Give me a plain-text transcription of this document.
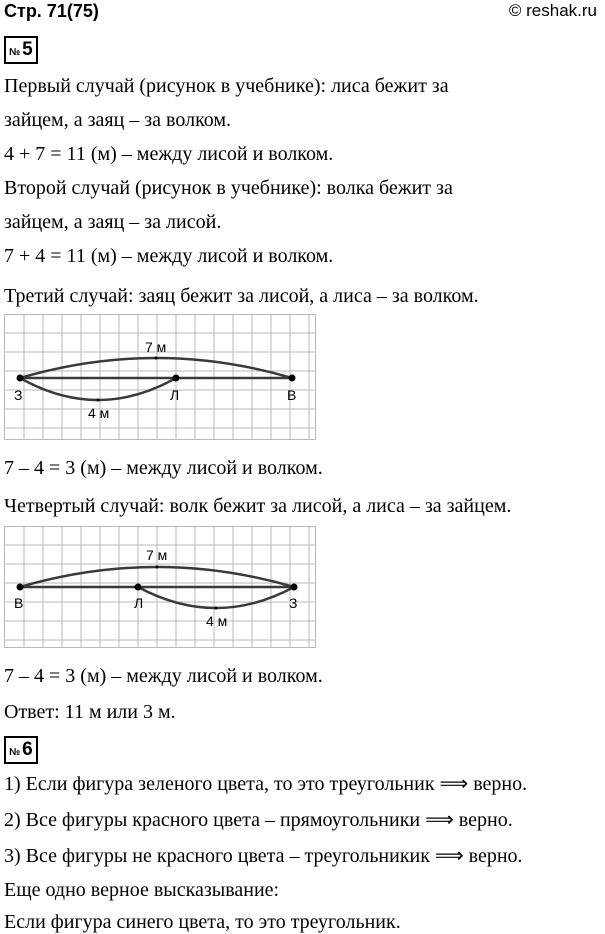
Стр. 71(75)	© reshak.ru
№ 5
Первый случай (рисунок в учебнике): лиса бежит за
зайцем, а заяц – за волком.
4 + 7 = 11 (м) – между лисой и волком.
Второй случай (рисунок в учебнике): волка бежит за
зайцем, а заяц – за лисой.
7 + 4 = 11 (м) – между лисой и волком.
Третий случай: заяц бежит за лисой, а лиса – за волком.
7 м
4 м
З	Л	В
7 – 4 = 3 (м) – между лисой и волком.
Четвертый случай: волк бежит за лисой, а лиса – за зайцем.
7 м
4 м
В	Л	З
7 – 4 = 3 (м) – между лисой и волком.
Ответ: 11 м или 3 м.
№ 6
1) Если фигура зеленого цвета, то это треугольник ⟹ верно.
2) Все фигуры красного цвета – прямоугольники ⟹ верно.
3) Все фигуры не красного цвета – треугольникик ⟹ верно.
Еще одно верное высказывание:
Если фигура синего цвета, то это треугольник.
